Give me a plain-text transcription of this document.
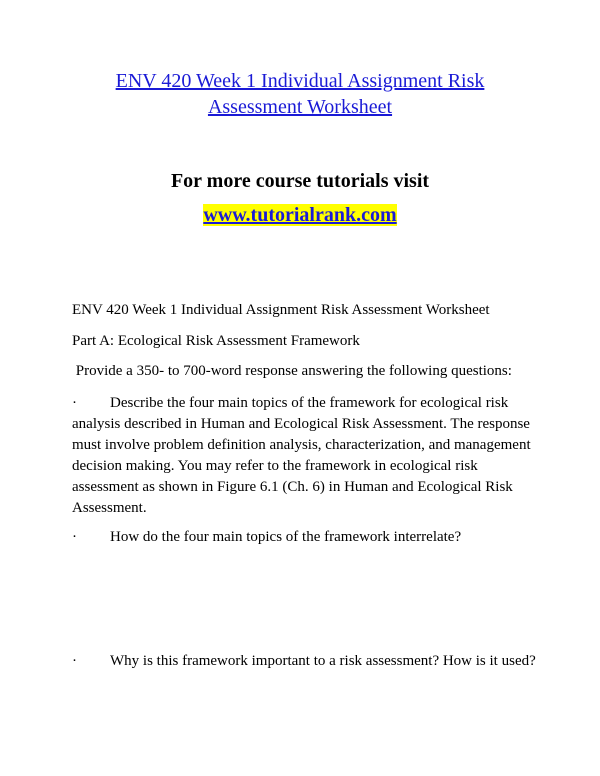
ENV 420 Week 1 Individual Assignment Risk
Assessment Worksheet
For more course tutorials visit
www.tutorialrank.com
ENV 420 Week 1 Individual Assignment Risk Assessment Worksheet
Part A: Ecological Risk Assessment Framework
Provide a 350- to 700-word response answering the following questions:
·	Describe the four main topics of the framework for ecological risk analysis described in Human and Ecological Risk Assessment. The response must involve problem definition analysis, characterization, and management decision making. You may refer to the framework in ecological risk assessment as shown in Figure 6.1 (Ch. 6) in Human and Ecological Risk Assessment.
·	How do the four main topics of the framework interrelate?
·	Why is this framework important to a risk assessment? How is it used?
